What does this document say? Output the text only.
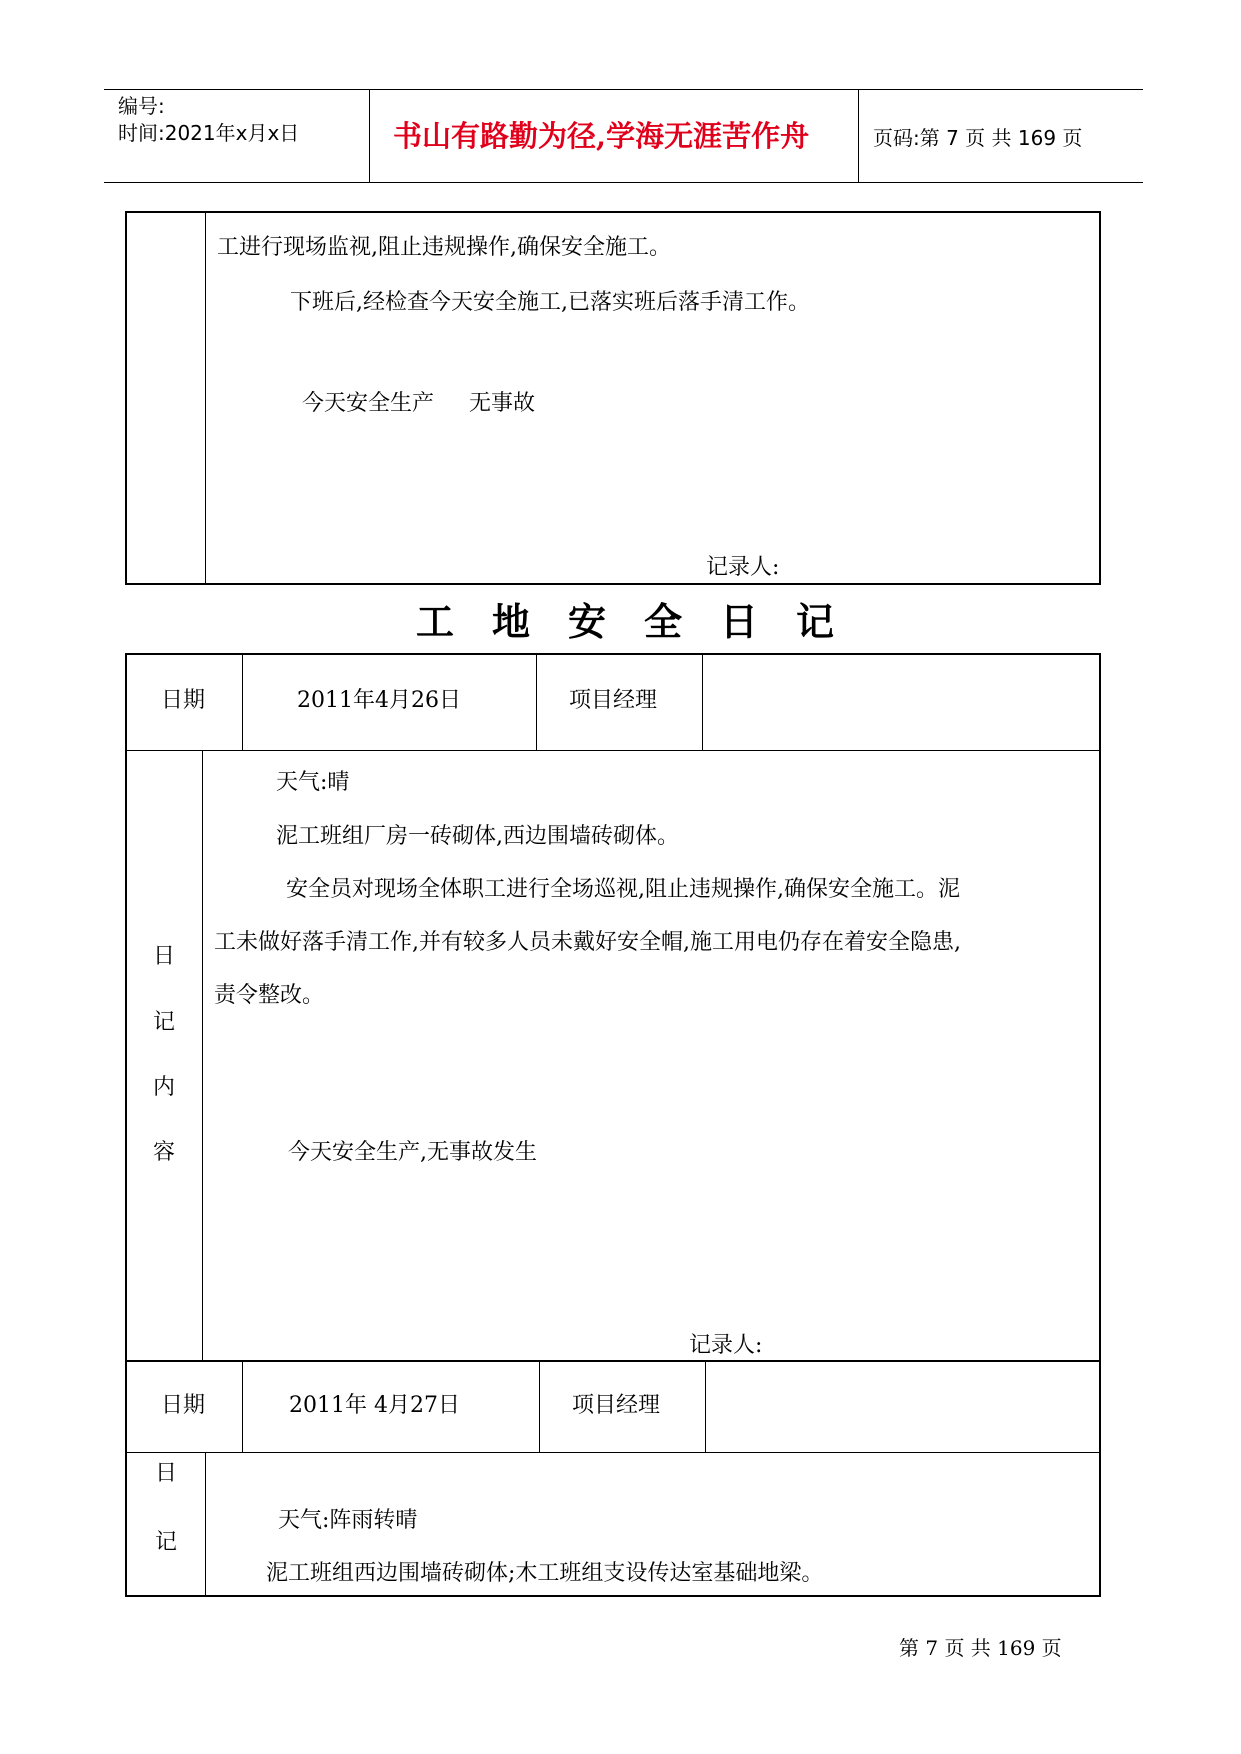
编号:
时间:2021年x月x日	书山有路勤为径,学海无涯苦作舟	页码:第 7 页 共 169 页
工进行现场监视,阻止违规操作,确保安全施工。
下班后,经检查今天安全施工,已落实班后落手清工作。
今天安全生产     无事故
记录人:
工 地 安 全 日 记
日期	2011年4月26日	项目经理
日
记
内
容
天气:晴
泥工班组厂房一砖砌体,西边围墙砖砌体。
安全员对现场全体职工进行全场巡视,阻止违规操作,确保安全施工。泥
工未做好落手清工作,并有较多人员未戴好安全帽,施工用电仍存在着安全隐患,
责令整改。
今天安全生产,无事故发生
记录人:
日期	2011年 4月27日	项目经理
日
记
天气:阵雨转晴
泥工班组西边围墙砖砌体;木工班组支设传达室基础地梁。
第 7 页 共 169 页
